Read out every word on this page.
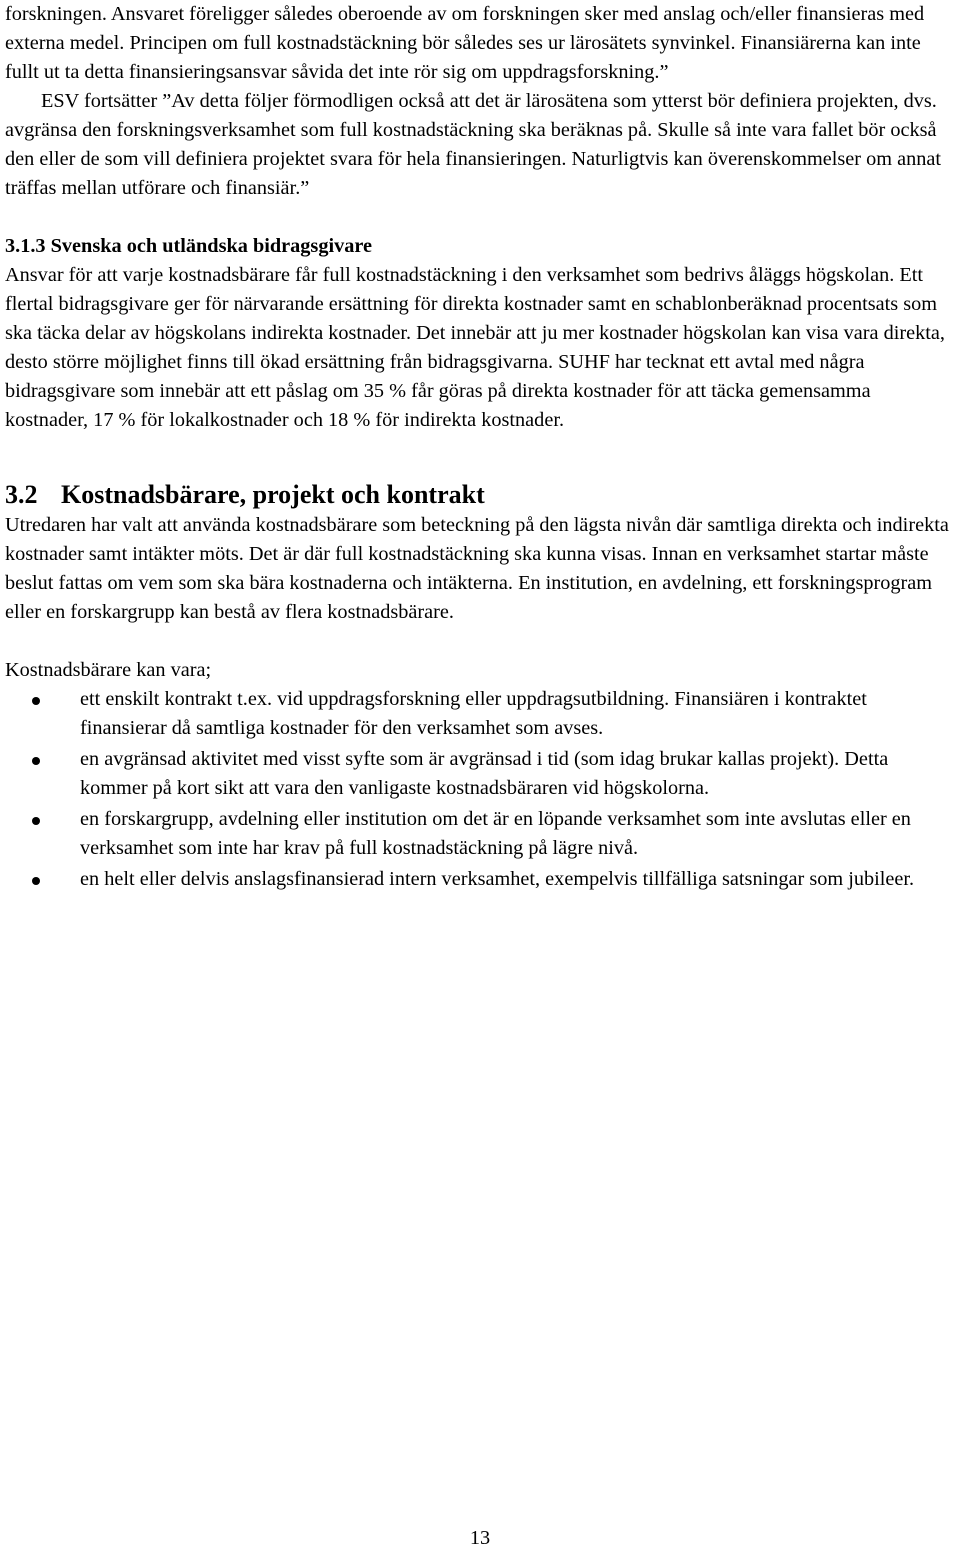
forskningen. Ansvaret föreligger således oberoende av om forskningen sker med anslag och/eller finansieras med externa medel. Principen om full kostnadstäckning bör således ses ur lärosätets synvinkel. Finansiärerna kan inte fullt ut ta detta finansieringsansvar såvida det inte rör sig om uppdragsforskning.”

ESV fortsätter ”Av detta följer förmodligen också att det är lärosätena som ytterst bör definiera projekten, dvs. avgränsa den forskningsverksamhet som full kostnadstäckning ska beräknas på. Skulle så inte vara fallet bör också den eller de som vill definiera projektet svara för hela finansieringen. Naturligtvis kan överenskommelser om annat träffas mellan utförare och finansiär.”

3.1.3 Svenska och utländska bidragsgivare

Ansvar för att varje kostnadsbärare får full kostnadstäckning i den verksamhet som bedrivs åläggs högskolan. Ett flertal bidragsgivare ger för närvarande ersättning för direkta kostnader samt en schablonberäknad procentsats som ska täcka delar av högskolans indirekta kostnader. Det innebär att ju mer kostnader högskolan kan visa vara direkta, desto större möjlighet finns till ökad ersättning från bidragsgivarna. SUHF har tecknat ett avtal med några bidragsgivare som innebär att ett påslag om 35 % får göras på direkta kostnader för att täcka gemensamma kostnader, 17 % för lokalkostnader och 18 % för indirekta kostnader.

3.2 Kostnadsbärare, projekt och kontrakt

Utredaren har valt att använda kostnadsbärare som beteckning på den lägsta nivån där samtliga direkta och indirekta kostnader samt intäkter möts. Det är där full kostnadstäckning ska kunna visas. Innan en verksamhet startar måste beslut fattas om vem som ska bära kostnaderna och intäkterna. En institution, en avdelning, ett forskningsprogram eller en forskargrupp kan bestå av flera kostnadsbärare.

Kostnadsbärare kan vara;

ett enskilt kontrakt t.ex. vid uppdragsforskning eller uppdragsutbildning. Finansiären i kontraktet finansierar då samtliga kostnader för den verksamhet som avses.
en avgränsad aktivitet med visst syfte som är avgränsad i tid (som idag brukar kallas projekt). Detta kommer på kort sikt att vara den vanligaste kostnadsbäraren vid högskolorna.
en forskargrupp, avdelning eller institution om det är en löpande verksamhet som inte avslutas eller en verksamhet som inte har krav på full kostnadstäckning på lägre nivå.
en helt eller delvis anslagsfinansierad intern verksamhet, exempelvis tillfälliga satsningar som jubileer.
13
